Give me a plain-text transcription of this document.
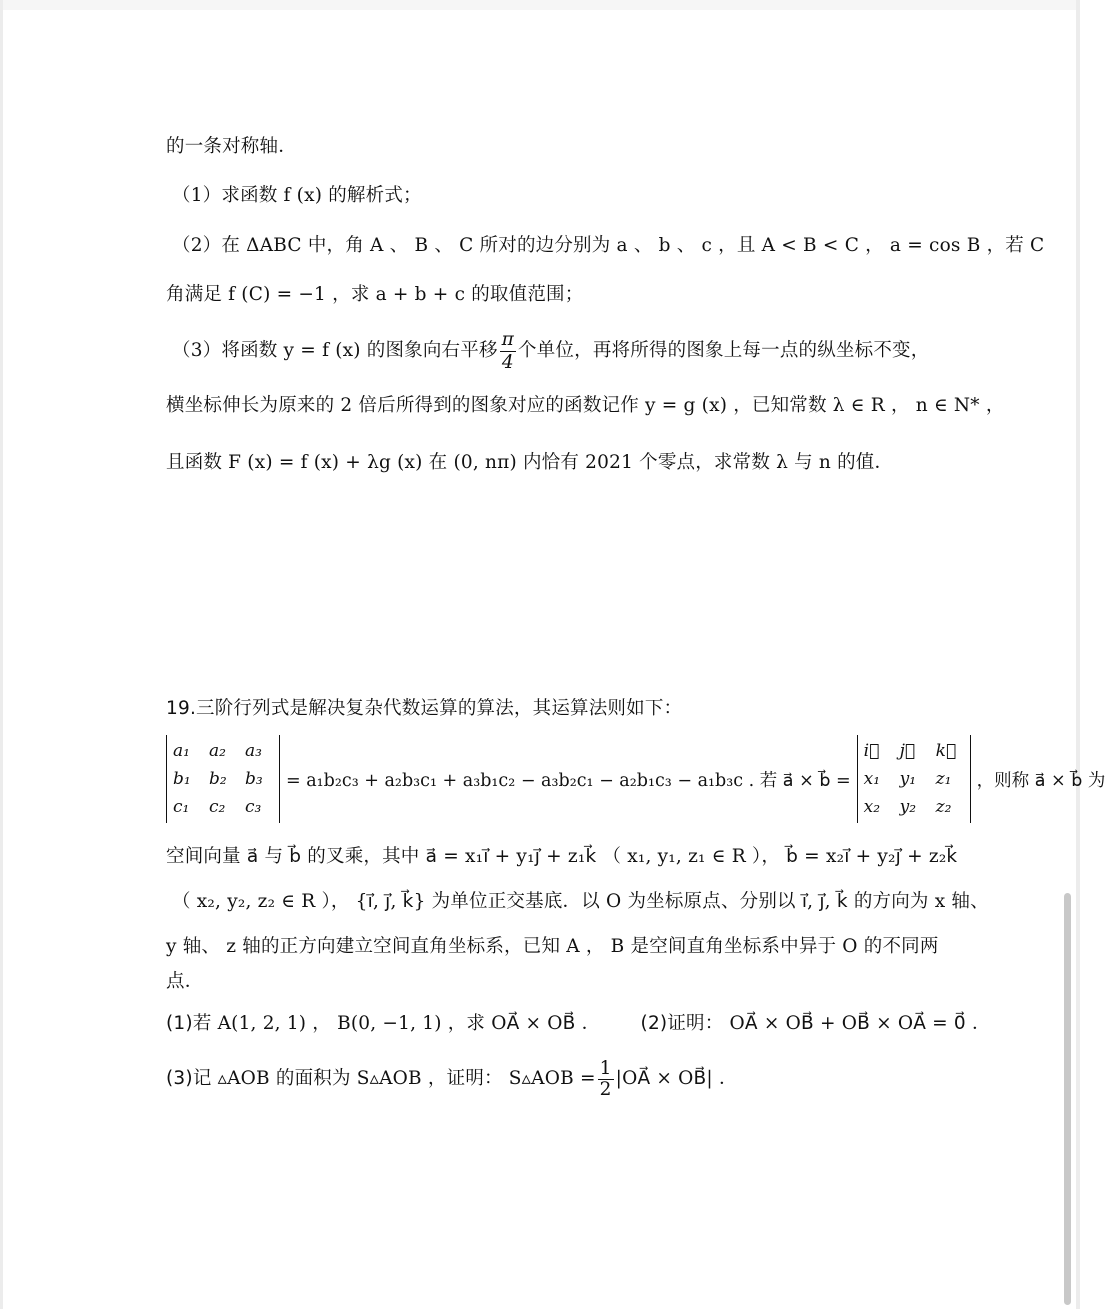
的一条对称轴．
（1）求函数 f (x) 的解析式；
（2）在 ΔABC 中，角 A 、 B 、 C 所对的边分别为 a 、 b 、 c ，且 A < B < C ， a = cos B ，若 C
角满足 f (C) = −1 ，求 a + b + c 的取值范围；
（3）将函数 y = f (x) 的图象向右平移 $\frac{\pi}{4}$ 个单位，再将所得的图象上每一点的纵坐标不变，
横坐标伸长为原来的 2 倍后所得到的图象对应的函数记作 y = g (x) ，已知常数 λ ∈ R ， n ∈ N* ，
且函数 F (x) = f (x) + λg (x) 在 (0, nπ) 内恰有 2021 个零点，求常数 λ 与 n 的值．
19.三阶行列式是解决复杂代数运算的算法，其运算法则如下：
a₁	a₂	a₃
b₁	b₂	b₃
c₁	c₂	c₃
= a₁b₂c₃ + a₂b₃c₁ + a₃b₁c₂ − a₃b₂c₁ − a₂b₁c₃ − a₁b₃c . 若 a⃗ × b⃗ =
i⃗	j⃗	k⃗
x₁	y₁	z₁
x₂	y₂	z₂
，则称 a⃗ × b⃗ 为
空间向量 a⃗ 与 b⃗ 的叉乘，其中 a⃗ = x₁i⃗ + y₁j⃗ + z₁k⃗ （ x₁, y₁, z₁ ∈ R ）， b⃗ = x₂i⃗ + y₂j⃗ + z₂k⃗
（ x₂, y₂, z₂ ∈ R ）， {i⃗, j⃗, k⃗} 为单位正交基底．以 O 为坐标原点、分别以 i⃗, j⃗, k⃗ 的方向为 x 轴、
y 轴、 z 轴的正方向建立空间直角坐标系，已知 A ， B 是空间直角坐标系中异于 O 的不同两
点．
(1)若 A(1, 2, 1) ， B(0, −1, 1) ，求 OA⃗ × OB⃗ ． (2)证明： OA⃗ × OB⃗ + OB⃗ × OA⃗ = 0⃗ ．
(3) 记 ▵AOB 的面积为 S▵AOB ，证明： S▵AOB = $\frac{1}{2}$ |OA⃗ × OB⃗| ．
